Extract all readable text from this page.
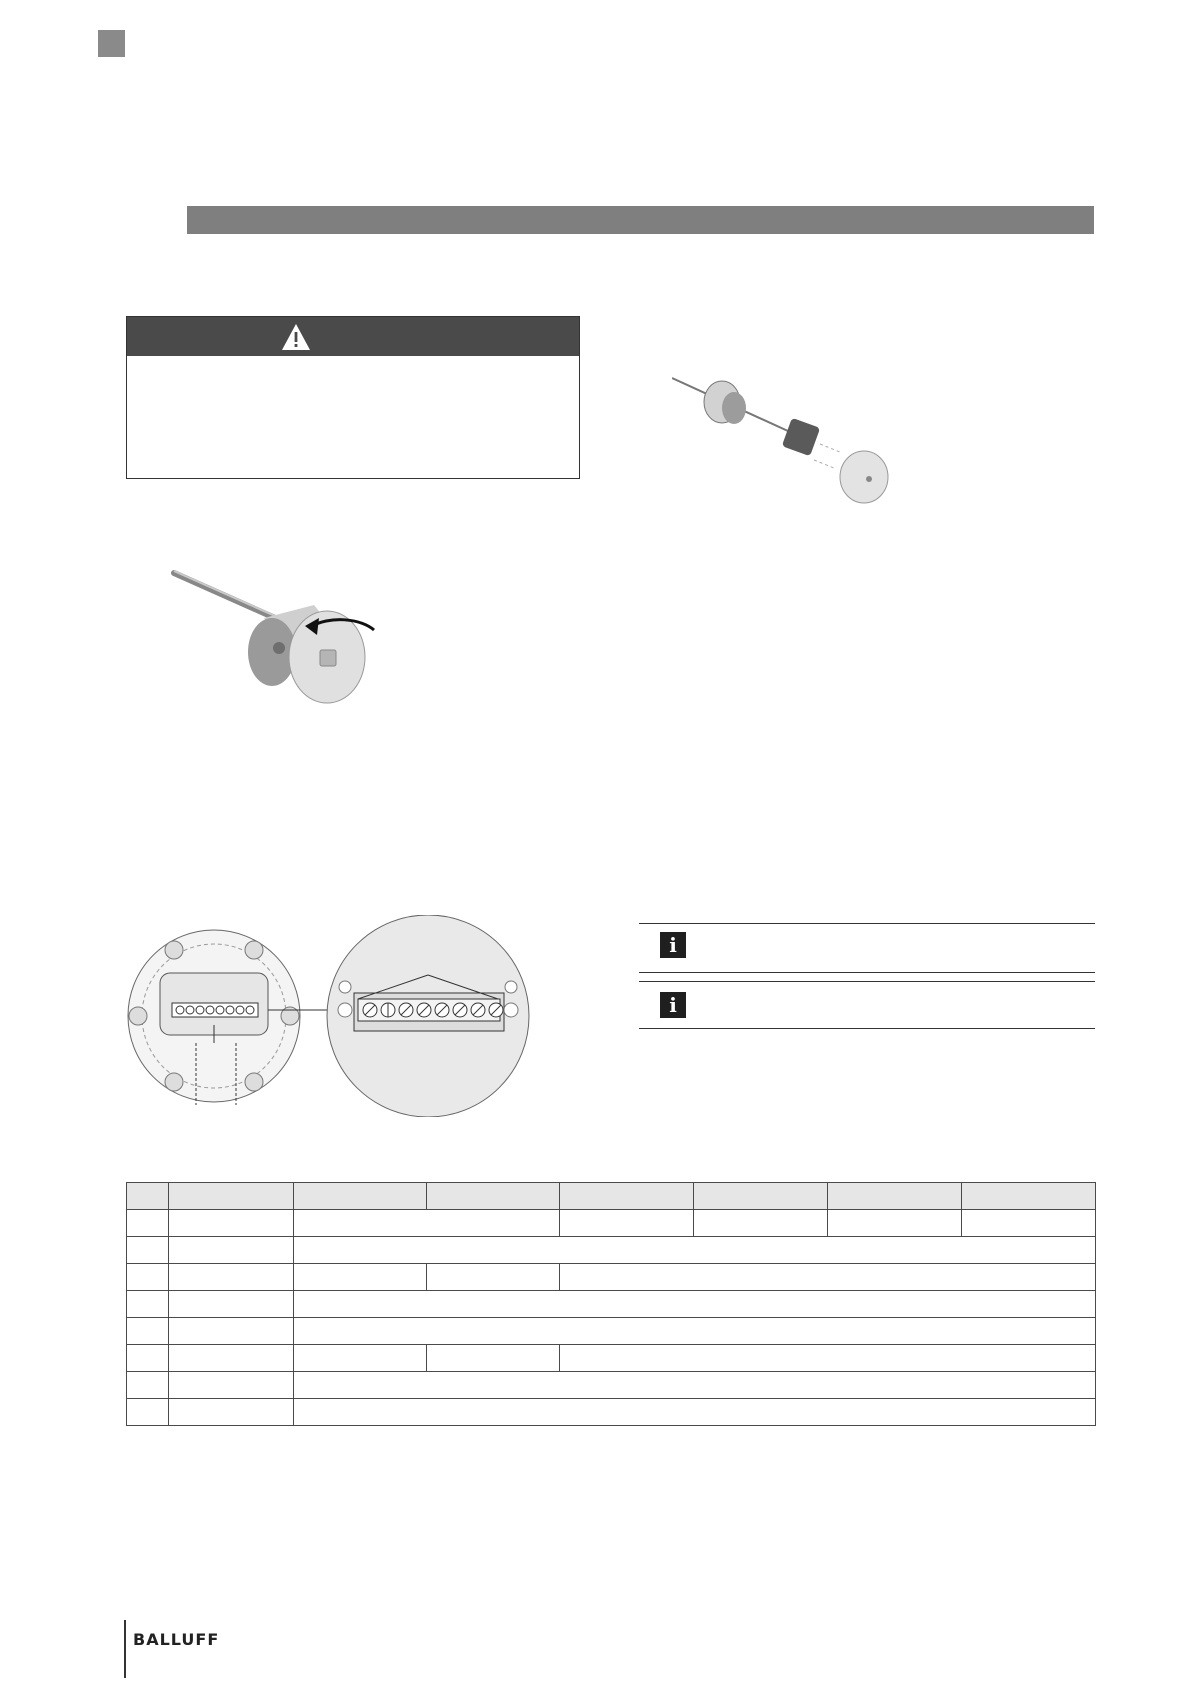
i
i

BALLUFF
